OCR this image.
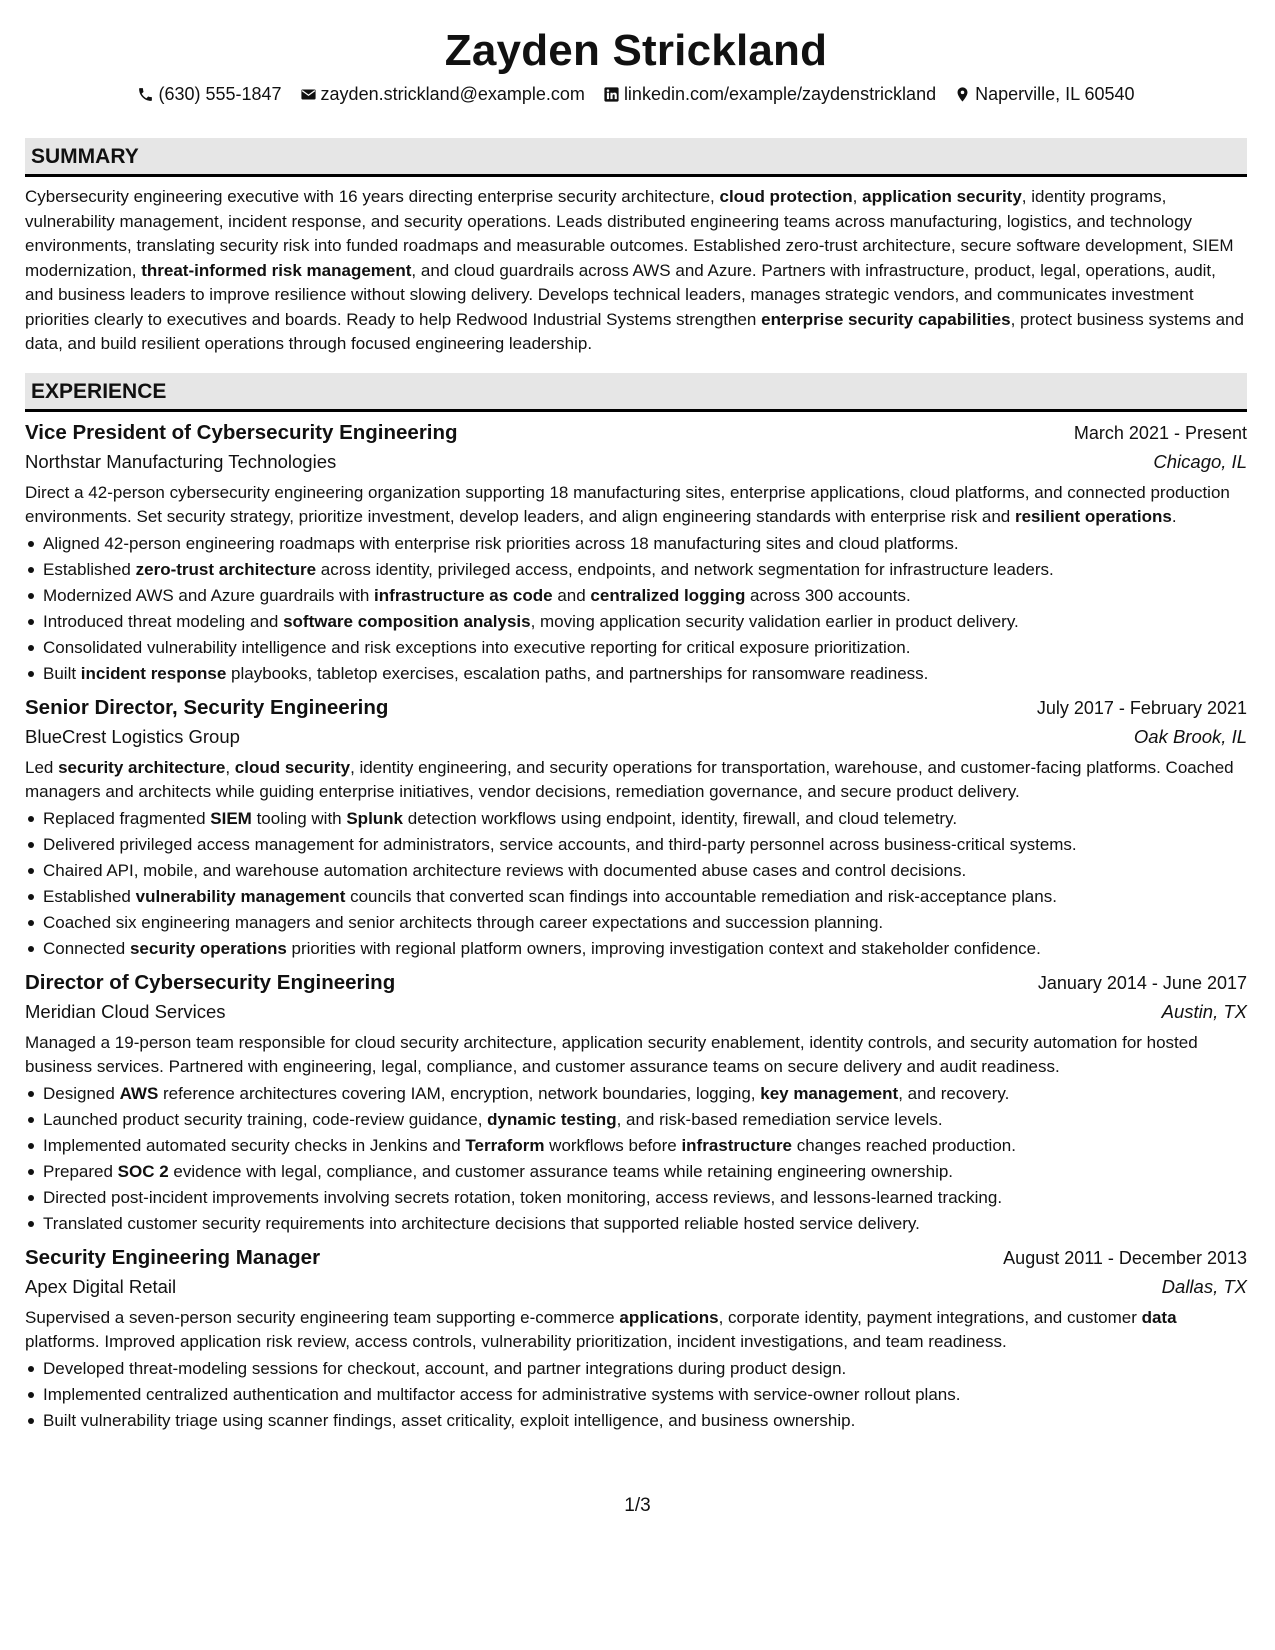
Zayden Strickland
(630) 555-1847 zayden.strickland@example.com linkedin.com/example/zaydenstrickland Naperville, IL 60540
SUMMARY

Cybersecurity engineering executive with 16 years directing enterprise security architecture, cloud protection, application security, identity programs, vulnerability management, incident response, and security operations. Leads distributed engineering teams across manufacturing, logistics, and technology environments, translating security risk into funded roadmaps and measurable outcomes. Established zero-trust architecture, secure software development, SIEM modernization, threat-informed risk management, and cloud guardrails across AWS and Azure. Partners with infrastructure, product, legal, operations, audit, and business leaders to improve resilience without slowing delivery. Develops technical leaders, manages strategic vendors, and communicates investment priorities clearly to executives and boards. Ready to help Redwood Industrial Systems strengthen enterprise security capabilities, protect business systems and data, and build resilient operations through focused engineering leadership.

EXPERIENCE
Vice President of Cybersecurity Engineering	March 2021 - Present
Northstar Manufacturing Technologies	Chicago, IL

Direct a 42-person cybersecurity engineering organization supporting 18 manufacturing sites, enterprise applications, cloud platforms, and connected production environments. Set security strategy, prioritize investment, develop leaders, and align engineering standards with enterprise risk and resilient operations.

Aligned 42-person engineering roadmaps with enterprise risk priorities across 18 manufacturing sites and cloud platforms.
Established zero-trust architecture across identity, privileged access, endpoints, and network segmentation for infrastructure leaders.
Modernized AWS and Azure guardrails with infrastructure as code and centralized logging across 300 accounts.
Introduced threat modeling and software composition analysis, moving application security validation earlier in product delivery.
Consolidated vulnerability intelligence and risk exceptions into executive reporting for critical exposure prioritization.
Built incident response playbooks, tabletop exercises, escalation paths, and partnerships for ransomware readiness.
Senior Director, Security Engineering	July 2017 - February 2021
BlueCrest Logistics Group	Oak Brook, IL

Led security architecture, cloud security, identity engineering, and security operations for transportation, warehouse, and customer-facing platforms. Coached managers and architects while guiding enterprise initiatives, vendor decisions, remediation governance, and secure product delivery.

Replaced fragmented SIEM tooling with Splunk detection workflows using endpoint, identity, firewall, and cloud telemetry.
Delivered privileged access management for administrators, service accounts, and third-party personnel across business-critical systems.
Chaired API, mobile, and warehouse automation architecture reviews with documented abuse cases and control decisions.
Established vulnerability management councils that converted scan findings into accountable remediation and risk-acceptance plans.
Coached six engineering managers and senior architects through career expectations and succession planning.
Connected security operations priorities with regional platform owners, improving investigation context and stakeholder confidence.
Director of Cybersecurity Engineering	January 2014 - June 2017
Meridian Cloud Services	Austin, TX

Managed a 19-person team responsible for cloud security architecture, application security enablement, identity controls, and security automation for hosted business services. Partnered with engineering, legal, compliance, and customer assurance teams on secure delivery and audit readiness.

Designed AWS reference architectures covering IAM, encryption, network boundaries, logging, key management, and recovery.
Launched product security training, code-review guidance, dynamic testing, and risk-based remediation service levels.
Implemented automated security checks in Jenkins and Terraform workflows before infrastructure changes reached production.
Prepared SOC 2 evidence with legal, compliance, and customer assurance teams while retaining engineering ownership.
Directed post-incident improvements involving secrets rotation, token monitoring, access reviews, and lessons-learned tracking.
Translated customer security requirements into architecture decisions that supported reliable hosted service delivery.
Security Engineering Manager	August 2011 - December 2013
Apex Digital Retail	Dallas, TX

Supervised a seven-person security engineering team supporting e-commerce applications, corporate identity, payment integrations, and customer data platforms. Improved application risk review, access controls, vulnerability prioritization, incident investigations, and team readiness.

Developed threat-modeling sessions for checkout, account, and partner integrations during product design.
Implemented centralized authentication and multifactor access for administrative systems with service-owner rollout plans.
Built vulnerability triage using scanner findings, asset criticality, exploit intelligence, and business ownership.
1/3
